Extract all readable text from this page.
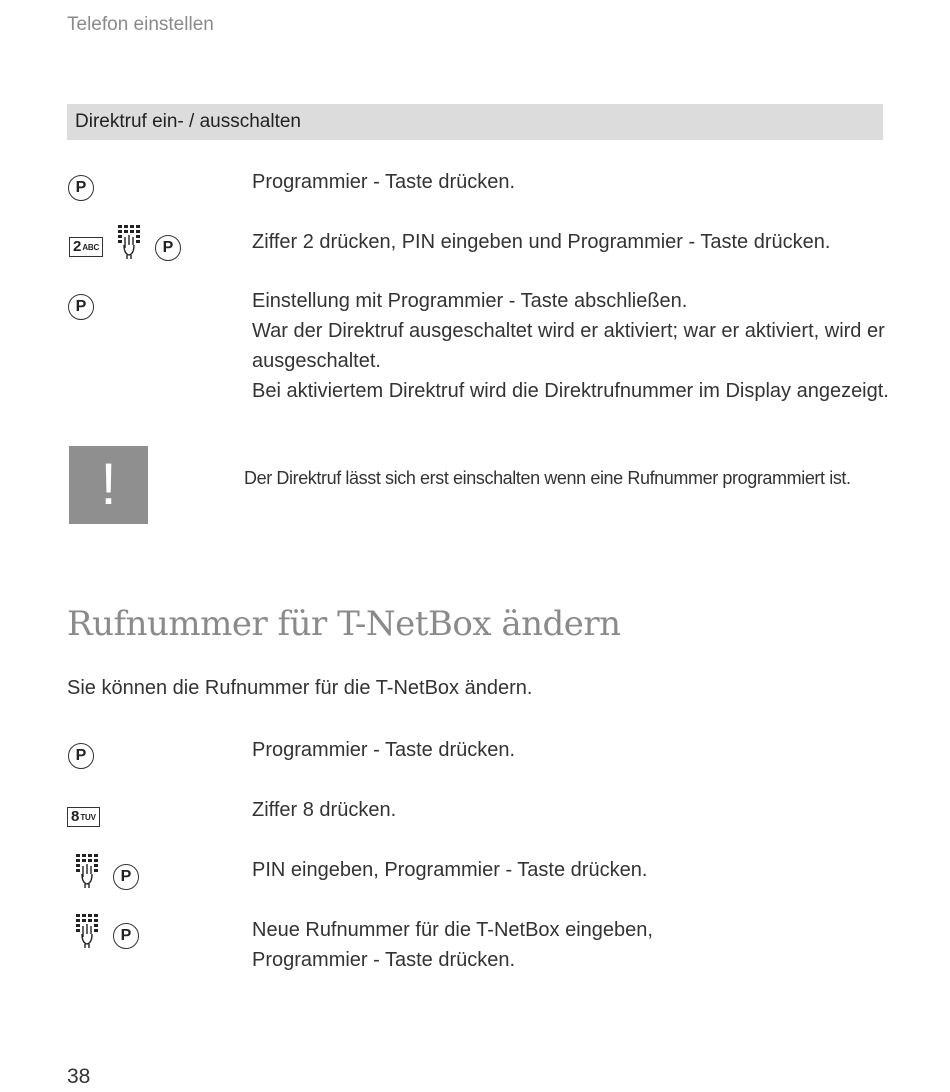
Telefon einstellen
Direktruf ein- / ausschalten
P	Programmier - Taste drücken.
2ABC	P	Ziffer 2 drücken, PIN eingeben und Programmier - Taste drücken.
P	Einstellung mit Programmier - Taste abschließen.
War der Direktruf ausgeschaltet wird er aktiviert; war er aktiviert, wird er
ausgeschaltet.
Bei aktiviertem Direktruf wird die Direktrufnummer im Display angezeigt.
!	Der Direktruf lässt sich erst einschalten wenn eine Rufnummer programmiert ist.
Rufnummer für T-NetBox ändern
Sie können die Rufnummer für die T-NetBox ändern.
P	Programmier - Taste drücken.
8TUV	Ziffer 8 drücken.
P	PIN eingeben, Programmier - Taste drücken.
P	Neue Rufnummer für die T-NetBox eingeben,
Programmier - Taste drücken.
38
